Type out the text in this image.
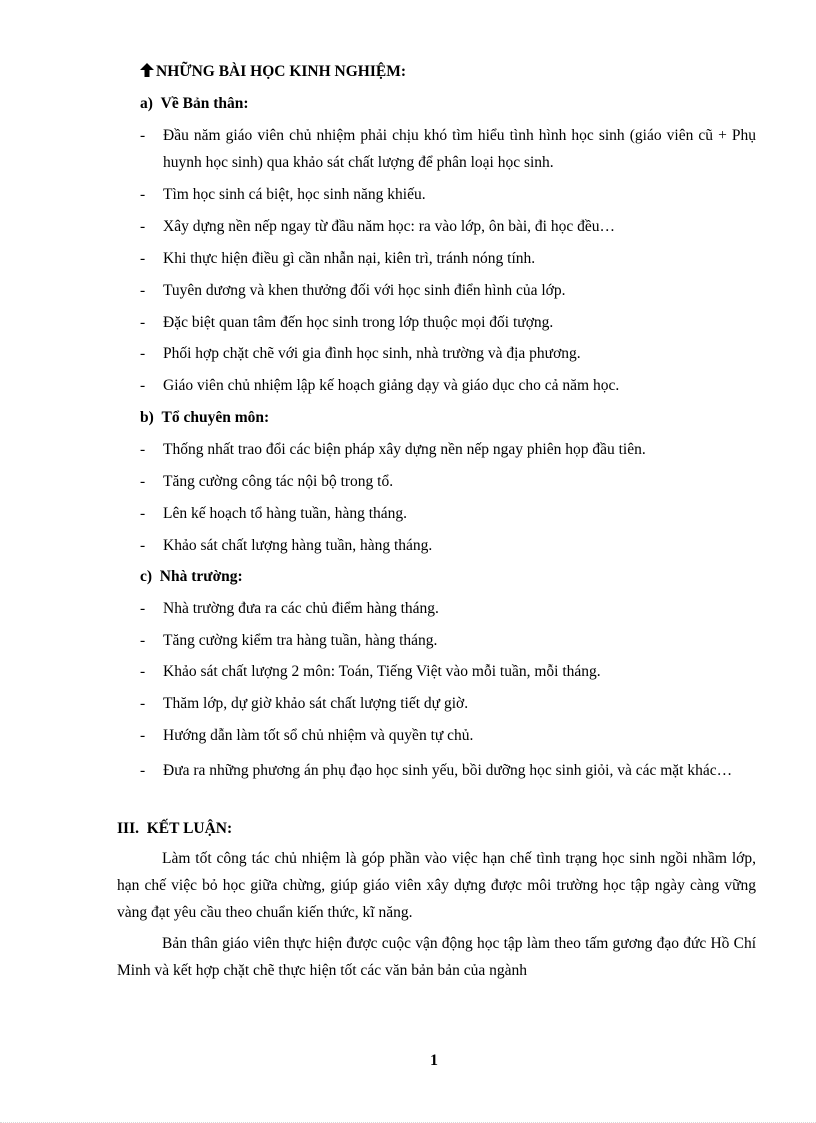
NHỮNG BÀI HỌC KINH NGHIỆM:
a) Về Bản thân:
- Đầu năm giáo viên chủ nhiệm phải chịu khó tìm hiểu tình hình học sinh (giáo viên cũ + Phụ huynh học sinh) qua khảo sát chất lượng để phân loại học sinh.
- Tìm học sinh cá biệt, học sinh năng khiếu.
- Xây dựng nền nếp ngay từ đầu năm học: ra vào lớp, ôn bài, đi học đều…
- Khi thực hiện điều gì cần nhẫn nại, kiên trì, tránh nóng tính.
- Tuyên dương và khen thưởng đối với học sinh điển hình của lớp.
- Đặc biệt quan tâm đến học sinh trong lớp thuộc mọi đối tượng.
- Phối hợp chặt chẽ với gia đình học sinh, nhà trường và địa phương.
- Giáo viên chủ nhiệm lập kế hoạch giảng dạy và giáo dục cho cả năm học.
b) Tổ chuyên môn:
- Thống nhất trao đổi các biện pháp xây dựng nền nếp ngay phiên họp đầu tiên.
- Tăng cường công tác nội bộ trong tổ.
- Lên kế hoạch tổ hàng tuần, hàng tháng.
- Khảo sát chất lượng hàng tuần, hàng tháng.
c) Nhà trường:
- Nhà trường đưa ra các chủ điểm hàng tháng.
- Tăng cường kiểm tra hàng tuần, hàng tháng.
- Khảo sát chất lượng 2 môn: Toán, Tiếng Việt vào mỗi tuần, mỗi tháng.
- Thăm lớp, dự giờ khảo sát chất lượng tiết dự giờ.
- Hướng dẫn làm tốt sổ chủ nhiệm và quyền tự chủ.
- Đưa ra những phương án phụ đạo học sinh yếu, bồi dưỡng học sinh giỏi, và các mặt khác…
III. KẾT LUẬN:
Làm tốt công tác chủ nhiệm là góp phần vào việc hạn chế tình trạng học sinh ngồi nhầm lớp, hạn chế việc bỏ học giữa chừng, giúp giáo viên xây dựng được môi trường học tập ngày càng vững vàng đạt yêu cầu theo chuẩn kiến thức, kĩ năng.
Bản thân giáo viên thực hiện được cuộc vận động học tập làm theo tấm gương đạo đức Hồ Chí Minh và kết hợp chặt chẽ thực hiện tốt các văn bản bản của ngành
1
